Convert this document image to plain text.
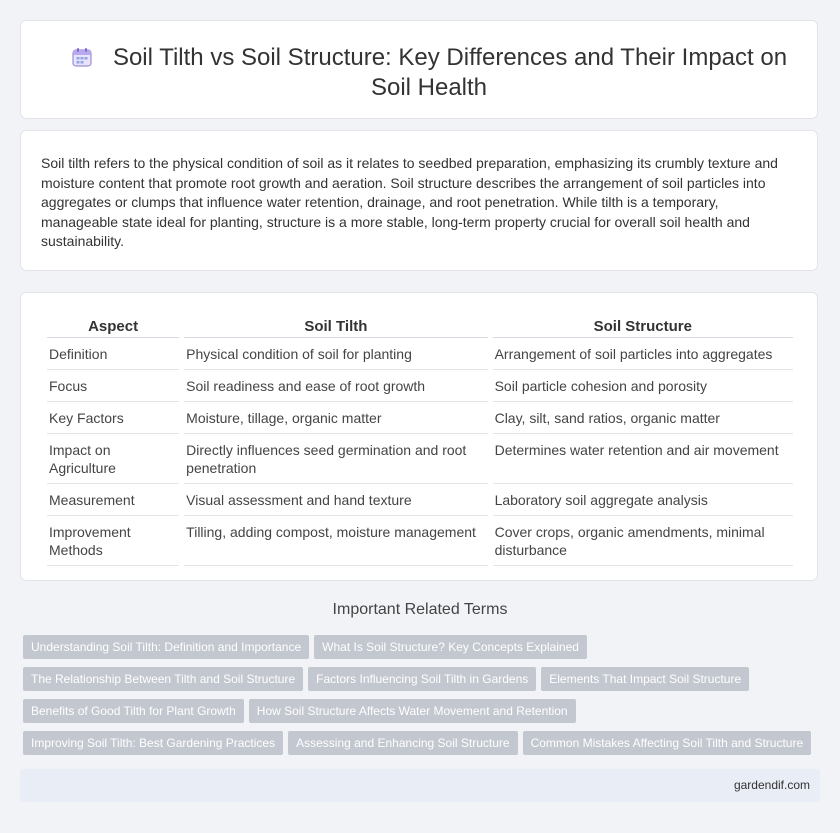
Soil Tilth vs Soil Structure: Key Differences and Their Impact on Soil Health

Soil tilth refers to the physical condition of soil as it relates to seedbed preparation, emphasizing its crumbly texture and moisture content that promote root growth and aeration. Soil structure describes the arrangement of soil particles into aggregates or clumps that influence water retention, drainage, and root penetration. While tilth is a temporary, manageable state ideal for planting, structure is a more stable, long-term property crucial for overall soil health and sustainability.

Aspect	Soil Tilth	Soil Structure
Definition	Physical condition of soil for planting	Arrangement of soil particles into aggregates
Focus	Soil readiness and ease of root growth	Soil particle cohesion and porosity
Key Factors	Moisture, tillage, organic matter	Clay, silt, sand ratios, organic matter
Impact on Agriculture	Directly influences seed germination and root penetration	Determines water retention and air movement
Measurement	Visual assessment and hand texture	Laboratory soil aggregate analysis
Improvement Methods	Tilling, adding compost, moisture management	Cover crops, organic amendments, minimal disturbance
Important Related Terms
Understanding Soil Tilth: Definition and Importance What Is Soil Structure? Key Concepts Explained
The Relationship Between Tilth and Soil Structure Factors Influencing Soil Tilth in Gardens Elements That Impact Soil Structure
Benefits of Good Tilth for Plant Growth How Soil Structure Affects Water Movement and Retention
Improving Soil Tilth: Best Gardening Practices Assessing and Enhancing Soil Structure Common Mistakes Affecting Soil Tilth and Structure
gardendif.com
